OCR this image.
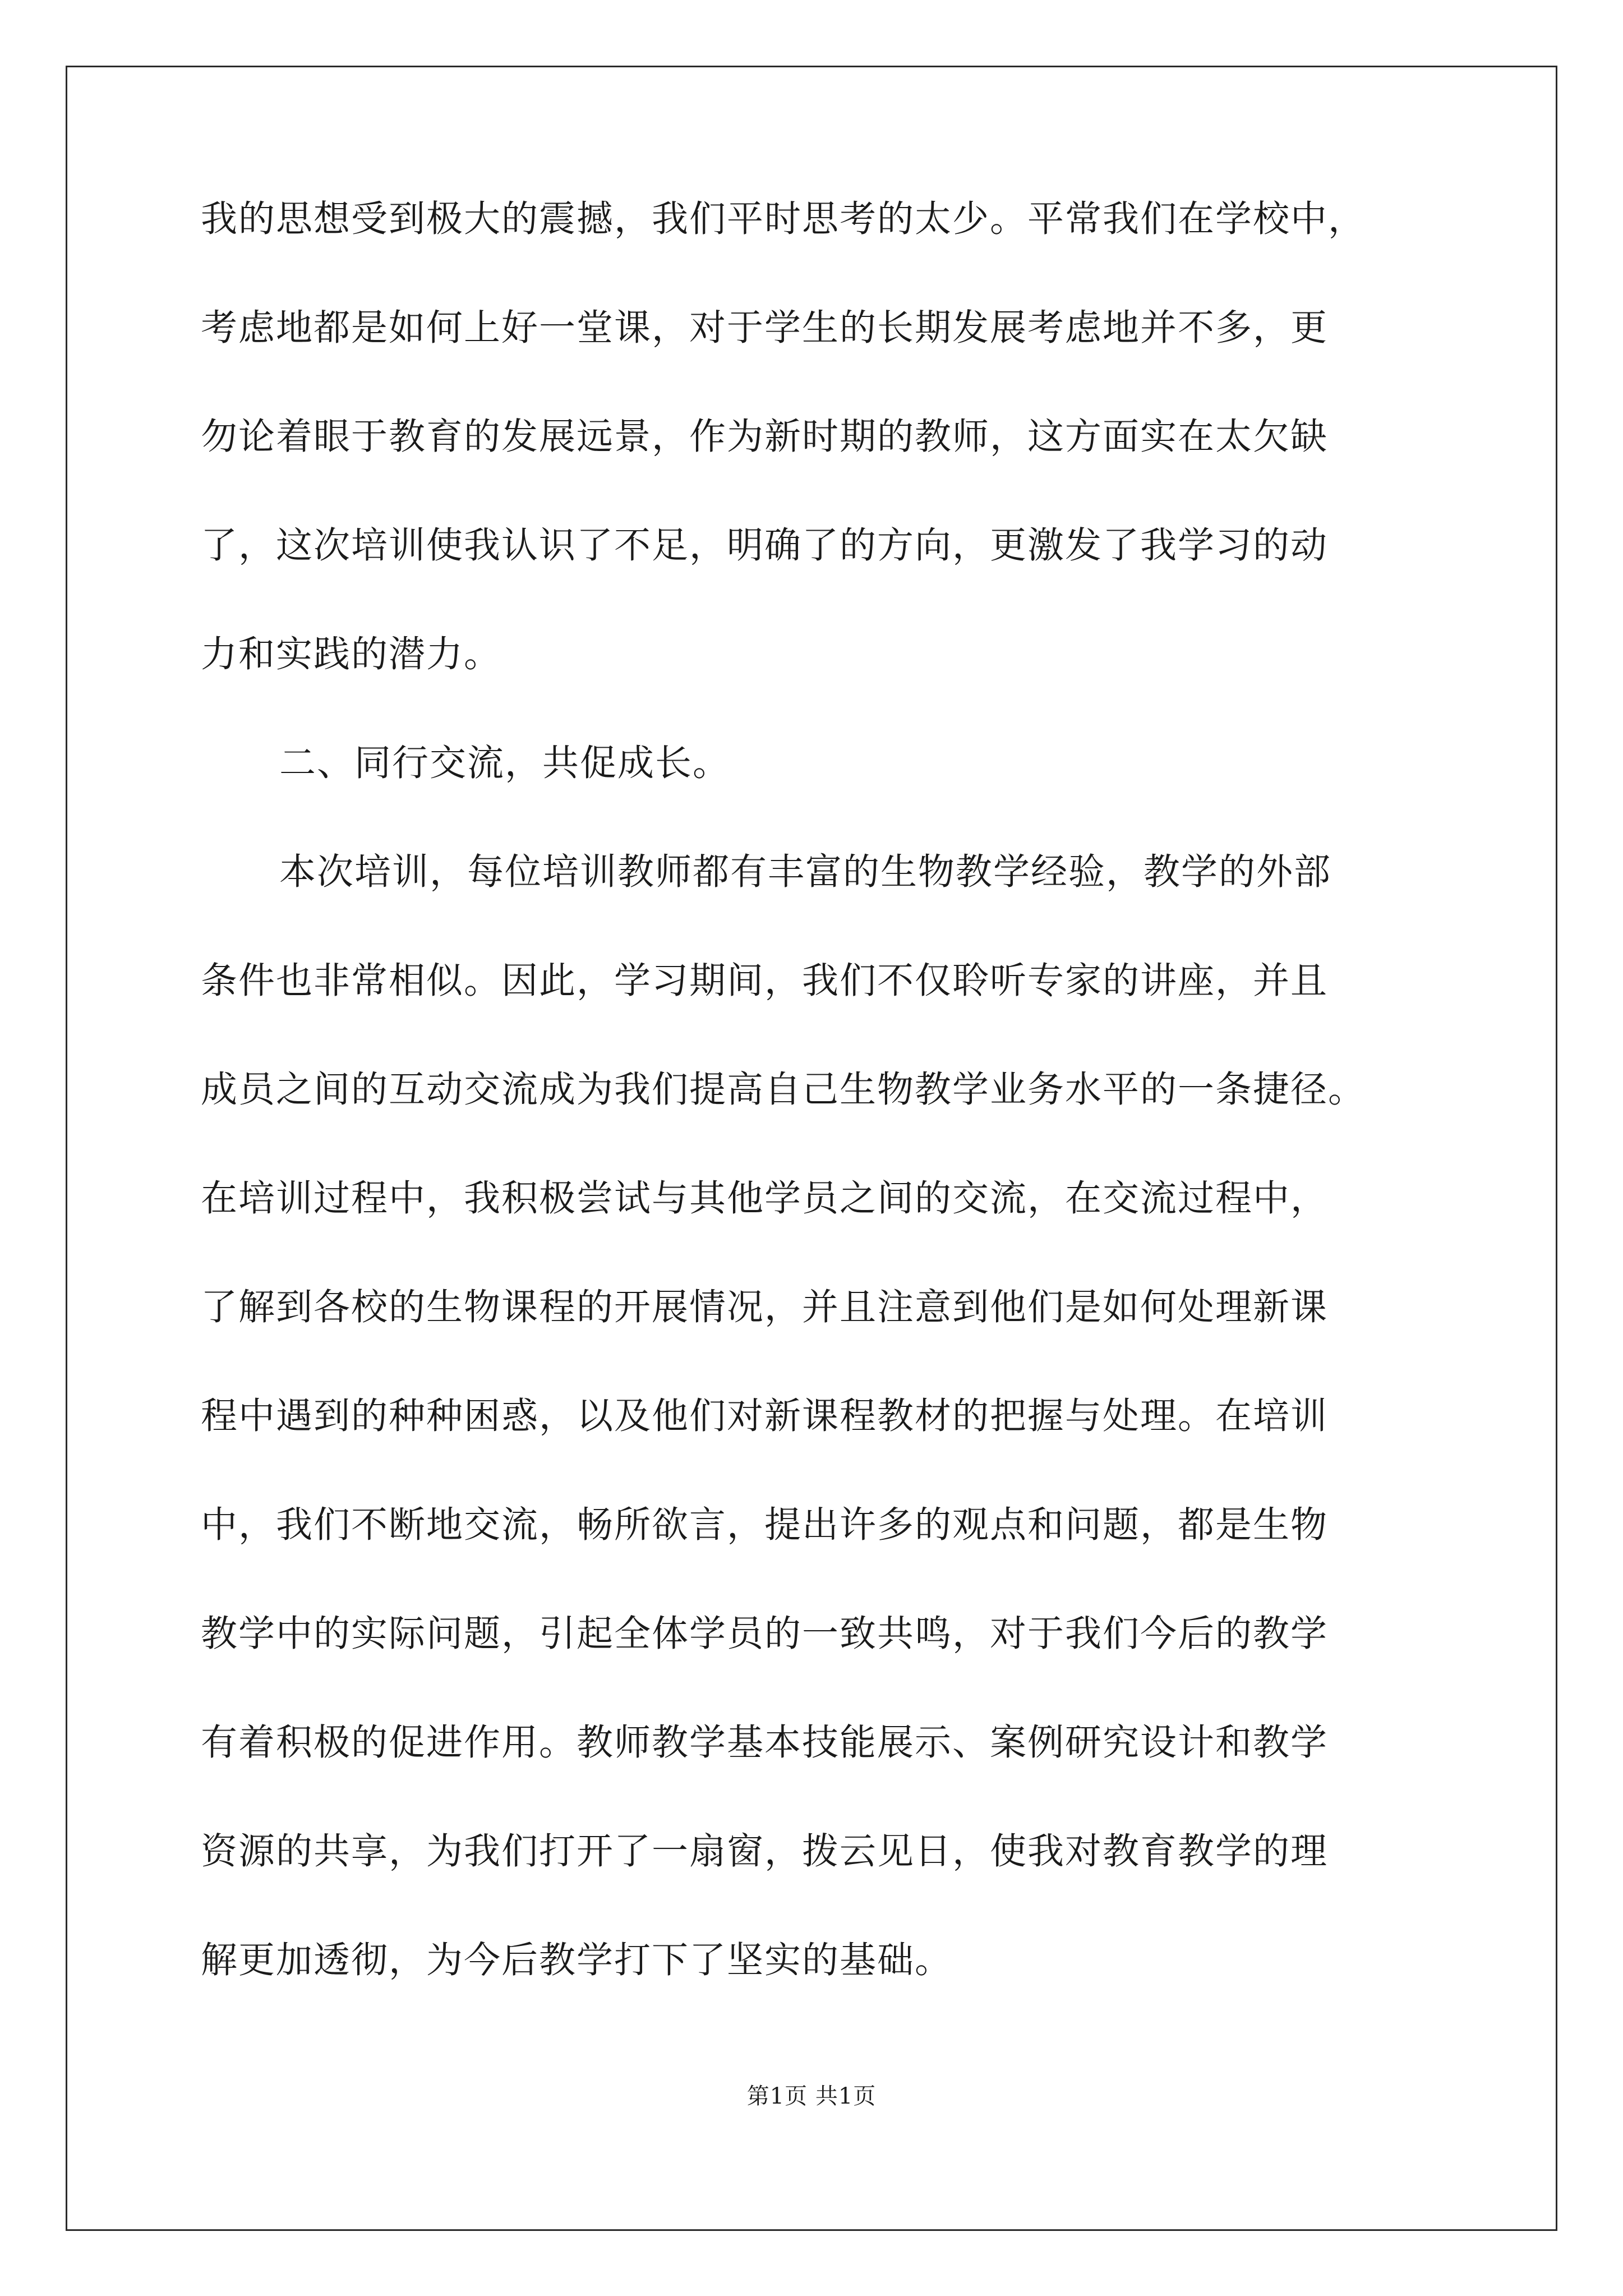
我的思想受到极大的震撼，我们平时思考的太少。平常我们在学校中，
考虑地都是如何上好一堂课，对于学生的长期发展考虑地并不多，更
勿论着眼于教育的发展远景，作为新时期的教师，这方面实在太欠缺
了，这次培训使我认识了不足，明确了的方向，更激发了我学习的动
力和实践的潜力。
二、同行交流，共促成长。
本次培训，每位培训教师都有丰富的生物教学经验，教学的外部
条件也非常相似。因此，学习期间，我们不仅聆听专家的讲座，并且
成员之间的互动交流成为我们提高自己生物教学业务水平的一条捷径。
在培训过程中，我积极尝试与其他学员之间的交流，在交流过程中，
了解到各校的生物课程的开展情况，并且注意到他们是如何处理新课
程中遇到的种种困惑，以及他们对新课程教材的把握与处理。在培训
中，我们不断地交流，畅所欲言，提出许多的观点和问题，都是生物
教学中的实际问题，引起全体学员的一致共鸣，对于我们今后的教学
有着积极的促进作用。教师教学基本技能展示、案例研究设计和教学
资源的共享，为我们打开了一扇窗，拨云见日，使我对教育教学的理
解更加透彻，为今后教学打下了坚实的基础。
第1页 共1页
